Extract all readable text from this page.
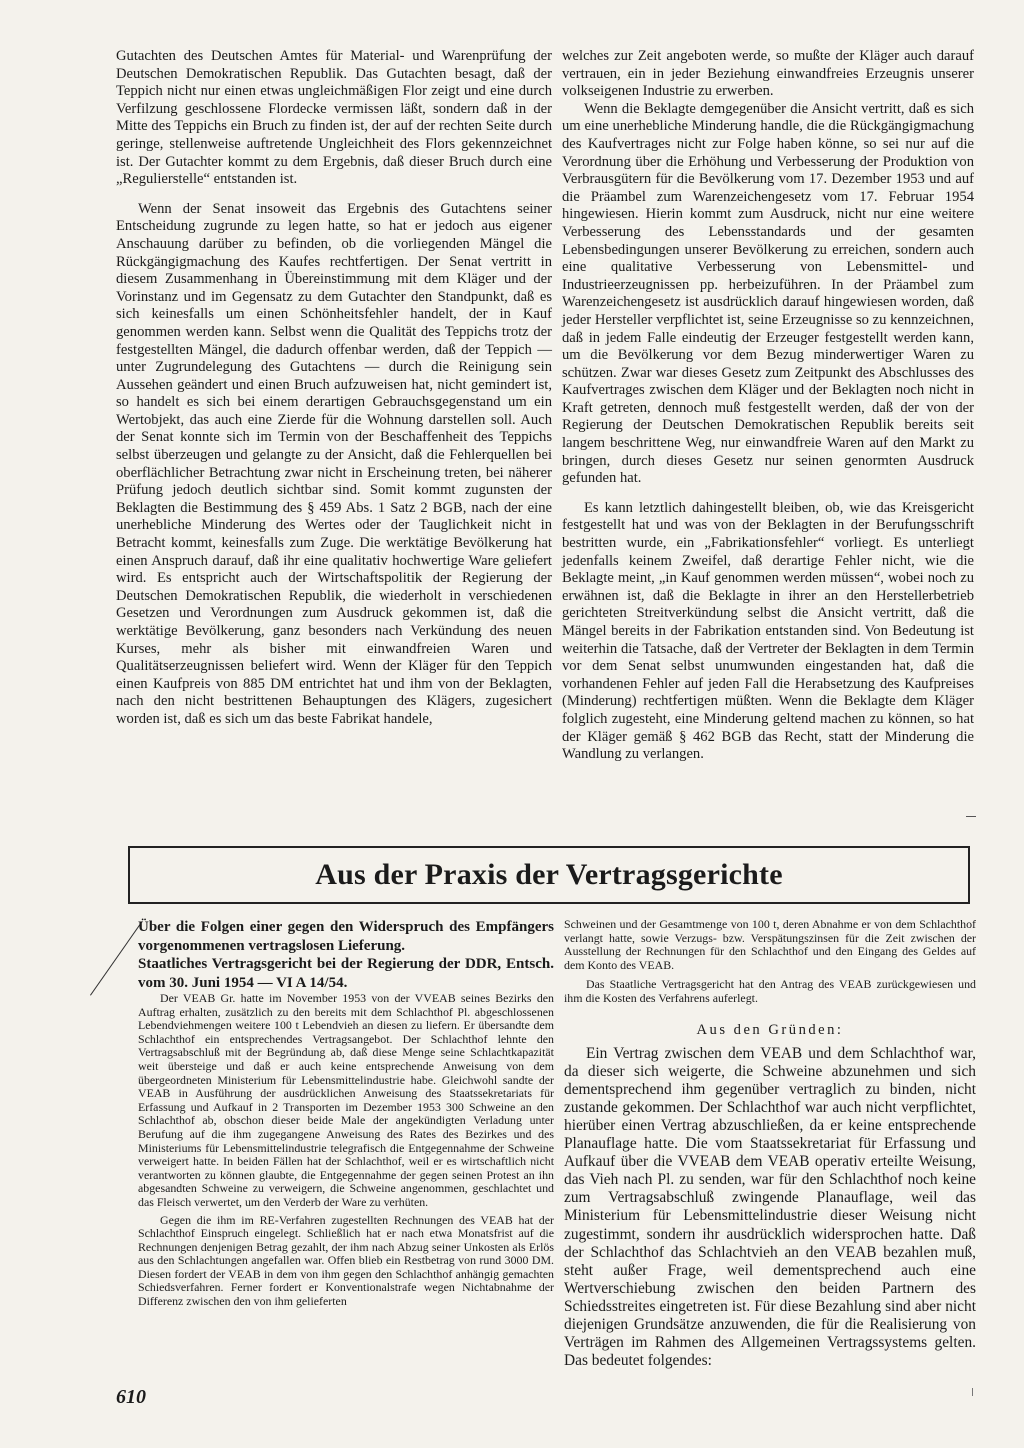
Gutachten des Deutschen Amtes für Material- und Warenprüfung der Deutschen Demokratischen Republik. Das Gutachten besagt, daß der Teppich nicht nur einen etwas ungleichmäßigen Flor zeigt und eine durch Verfilzung geschlossene Flordecke vermissen läßt, sondern daß in der Mitte des Teppichs ein Bruch zu finden ist, der auf der rechten Seite durch geringe, stellenweise auftretende Ungleichheit des Flors gekennzeichnet ist. Der Gutachter kommt zu dem Ergebnis, daß dieser Bruch durch eine „Regulierstelle“ entstanden ist.

Wenn der Senat insoweit das Ergebnis des Gutachtens seiner Entscheidung zugrunde zu legen hatte, so hat er jedoch aus eigener Anschauung darüber zu befinden, ob die vorliegenden Mängel die Rückgängigmachung des Kaufes rechtfertigen. Der Senat vertritt in diesem Zusammenhang in Übereinstimmung mit dem Kläger und der Vorinstanz und im Gegensatz zu dem Gutachter den Standpunkt, daß es sich keinesfalls um einen Schönheitsfehler handelt, der in Kauf genommen werden kann. Selbst wenn die Qualität des Teppichs trotz der festgestellten Mängel, die dadurch offenbar werden, daß der Teppich — unter Zugrundelegung des Gutachtens — durch die Reinigung sein Aussehen geändert und einen Bruch aufzuweisen hat, nicht gemindert ist, so handelt es sich bei einem derartigen Gebrauchsgegenstand um ein Wertobjekt, das auch eine Zierde für die Wohnung darstellen soll. Auch der Senat konnte sich im Termin von der Beschaffenheit des Teppichs selbst überzeugen und gelangte zu der Ansicht, daß die Fehlerquellen bei oberflächlicher Betrachtung zwar nicht in Erscheinung treten, bei näherer Prüfung jedoch deutlich sichtbar sind. Somit kommt zugunsten der Beklagten die Bestimmung des § 459 Abs. 1 Satz 2 BGB, nach der eine unerhebliche Minderung des Wertes oder der Tauglichkeit nicht in Betracht kommt, keinesfalls zum Zuge. Die werktätige Bevölkerung hat einen Anspruch darauf, daß ihr eine qualitativ hochwertige Ware geliefert wird. Es entspricht auch der Wirtschaftspolitik der Regierung der Deutschen Demokratischen Republik, die wiederholt in verschiedenen Gesetzen und Verordnungen zum Ausdruck gekommen ist, daß die werktätige Bevölkerung, ganz besonders nach Verkündung des neuen Kurses, mehr als bisher mit einwandfreien Waren und Qualitätserzeugnissen beliefert wird. Wenn der Kläger für den Teppich einen Kaufpreis von 885 DM entrichtet hat und ihm von der Beklagten, nach den nicht bestrittenen Behauptungen des Klägers, zugesichert worden ist, daß es sich um das beste Fabrikat handele,

welches zur Zeit angeboten werde, so mußte der Kläger auch darauf vertrauen, ein in jeder Beziehung einwandfreies Erzeugnis unserer volkseigenen Industrie zu erwerben.

Wenn die Beklagte demgegenüber die Ansicht vertritt, daß es sich um eine unerhebliche Minderung handle, die die Rückgängigmachung des Kaufvertrages nicht zur Folge haben könne, so sei nur auf die Verordnung über die Erhöhung und Verbesserung der Produktion von Verbrausgütern für die Bevölkerung vom 17. Dezember 1953 und auf die Präambel zum Warenzeichengesetz vom 17. Februar 1954 hingewiesen. Hierin kommt zum Ausdruck, nicht nur eine weitere Verbesserung des Lebensstandards und der gesamten Lebensbedingungen unserer Bevölkerung zu erreichen, sondern auch eine qualitative Verbesserung von Lebensmittel- und Industrieerzeugnissen pp. herbeizuführen. In der Präambel zum Warenzeichengesetz ist ausdrücklich darauf hingewiesen worden, daß jeder Hersteller verpflichtet ist, seine Erzeugnisse so zu kennzeichnen, daß in jedem Falle eindeutig der Erzeuger festgestellt werden kann, um die Bevölkerung vor dem Bezug minderwertiger Waren zu schützen. Zwar war dieses Gesetz zum Zeitpunkt des Abschlusses des Kaufvertrages zwischen dem Kläger und der Beklagten noch nicht in Kraft getreten, dennoch muß festgestellt werden, daß der von der Regierung der Deutschen Demokratischen Republik bereits seit langem beschrittene Weg, nur einwandfreie Waren auf den Markt zu bringen, durch dieses Gesetz nur seinen genormten Ausdruck gefunden hat.

Es kann letztlich dahingestellt bleiben, ob, wie das Kreisgericht festgestellt hat und was von der Beklagten in der Berufungsschrift bestritten wurde, ein „Fabrikationsfehler“ vorliegt. Es unterliegt jedenfalls keinem Zweifel, daß derartige Fehler nicht, wie die Beklagte meint, „in Kauf genommen werden müssen“, wobei noch zu erwähnen ist, daß die Beklagte in ihrer an den Herstellerbetrieb gerichteten Streitverkündung selbst die Ansicht vertritt, daß die Mängel bereits in der Fabrikation entstanden sind. Von Bedeutung ist weiterhin die Tatsache, daß der Vertreter der Beklagten in dem Termin vor dem Senat selbst unumwunden eingestanden hat, daß die vorhandenen Fehler auf jeden Fall die Herabsetzung des Kaufpreises (Minderung) rechtfertigen müßten. Wenn die Beklagte dem Kläger folglich zugesteht, eine Minderung geltend machen zu können, so hat der Kläger gemäß § 462 BGB das Recht, statt der Minderung die Wandlung zu verlangen.

Aus der Praxis der Vertragsgerichte

Über die Folgen einer gegen den Widerspruch des Empfängers vorgenommenen vertragslosen Lieferung.

Staatliches Vertragsgericht bei der Regierung der DDR, Entsch. vom 30. Juni 1954 — VI A 14/54.

Der VEAB Gr. hatte im November 1953 von der VVEAB seines Bezirks den Auftrag erhalten, zusätzlich zu den bereits mit dem Schlachthof Pl. abgeschlossenen Lebendviehmengen weitere 100 t Lebendvieh an diesen zu liefern. Er übersandte dem Schlachthof ein entsprechendes Vertragsangebot. Der Schlachthof lehnte den Vertragsabschluß mit der Begründung ab, daß diese Menge seine Schlachtkapazität weit übersteige und daß er auch keine entsprechende Anweisung von dem übergeordneten Ministerium für Lebensmittelindustrie habe. Gleichwohl sandte der VEAB in Ausführung der ausdrücklichen Anweisung des Staatssekretariats für Erfassung und Aufkauf in 2 Transporten im Dezember 1953 300 Schweine an den Schlachthof ab, obschon dieser beide Male der angekündigten Verladung unter Berufung auf die ihm zugegangene Anweisung des Rates des Bezirkes und des Ministeriums für Lebensmittelindustrie telegrafisch die Entgegennahme der Schweine verweigert hatte. In beiden Fällen hat der Schlachthof, weil er es wirtschaftlich nicht verantworten zu können glaubte, die Entgegennahme der gegen seinen Protest an ihn abgesandten Schweine zu verweigern, die Schweine angenommen, geschlachtet und das Fleisch verwertet, um den Verderb der Ware zu verhüten.

Gegen die ihm im RE-Verfahren zugestellten Rechnungen des VEAB hat der Schlachthof Einspruch eingelegt. Schließlich hat er nach etwa Monatsfrist auf die Rechnungen denjenigen Betrag gezahlt, der ihm nach Abzug seiner Unkosten als Erlös aus den Schlachtungen angefallen war. Offen blieb ein Restbetrag von rund 3000 DM. Diesen fordert der VEAB in dem von ihm gegen den Schlachthof anhängig gemachten Schiedsverfahren. Ferner fordert er Konventionalstrafe wegen Nichtabnahme der Differenz zwischen den von ihm gelieferten

Schweinen und der Gesamtmenge von 100 t, deren Abnahme er von dem Schlachthof verlangt hatte, sowie Verzugs- bzw. Verspätungszinsen für die Zeit zwischen der Ausstellung der Rechnungen für den Schlachthof und den Eingang des Geldes auf dem Konto des VEAB.

Das Staatliche Vertragsgericht hat den Antrag des VEAB zurückgewiesen und ihm die Kosten des Verfahrens auferlegt.

Aus den Gründen:

Ein Vertrag zwischen dem VEAB und dem Schlachthof war, da dieser sich weigerte, die Schweine abzunehmen und sich dementsprechend ihm gegenüber vertraglich zu binden, nicht zustande gekommen. Der Schlachthof war auch nicht verpflichtet, hierüber einen Vertrag abzuschließen, da er keine entsprechende Planauflage hatte. Die vom Staatssekretariat für Erfassung und Aufkauf über die VVEAB dem VEAB operativ erteilte Weisung, das Vieh nach Pl. zu senden, war für den Schlachthof noch keine zum Vertragsabschluß zwingende Planauflage, weil das Ministerium für Lebensmittelindustrie dieser Weisung nicht zugestimmt, sondern ihr ausdrücklich widersprochen hatte. Daß der Schlachthof das Schlachtvieh an den VEAB bezahlen muß, steht außer Frage, weil dementsprechend auch eine Wertverschiebung zwischen den beiden Partnern des Schiedsstreites eingetreten ist. Für diese Bezahlung sind aber nicht diejenigen Grundsätze anzuwenden, die für die Realisierung von Verträgen im Rahmen des Allgemeinen Vertragssystems gelten. Das bedeutet folgendes:

610
